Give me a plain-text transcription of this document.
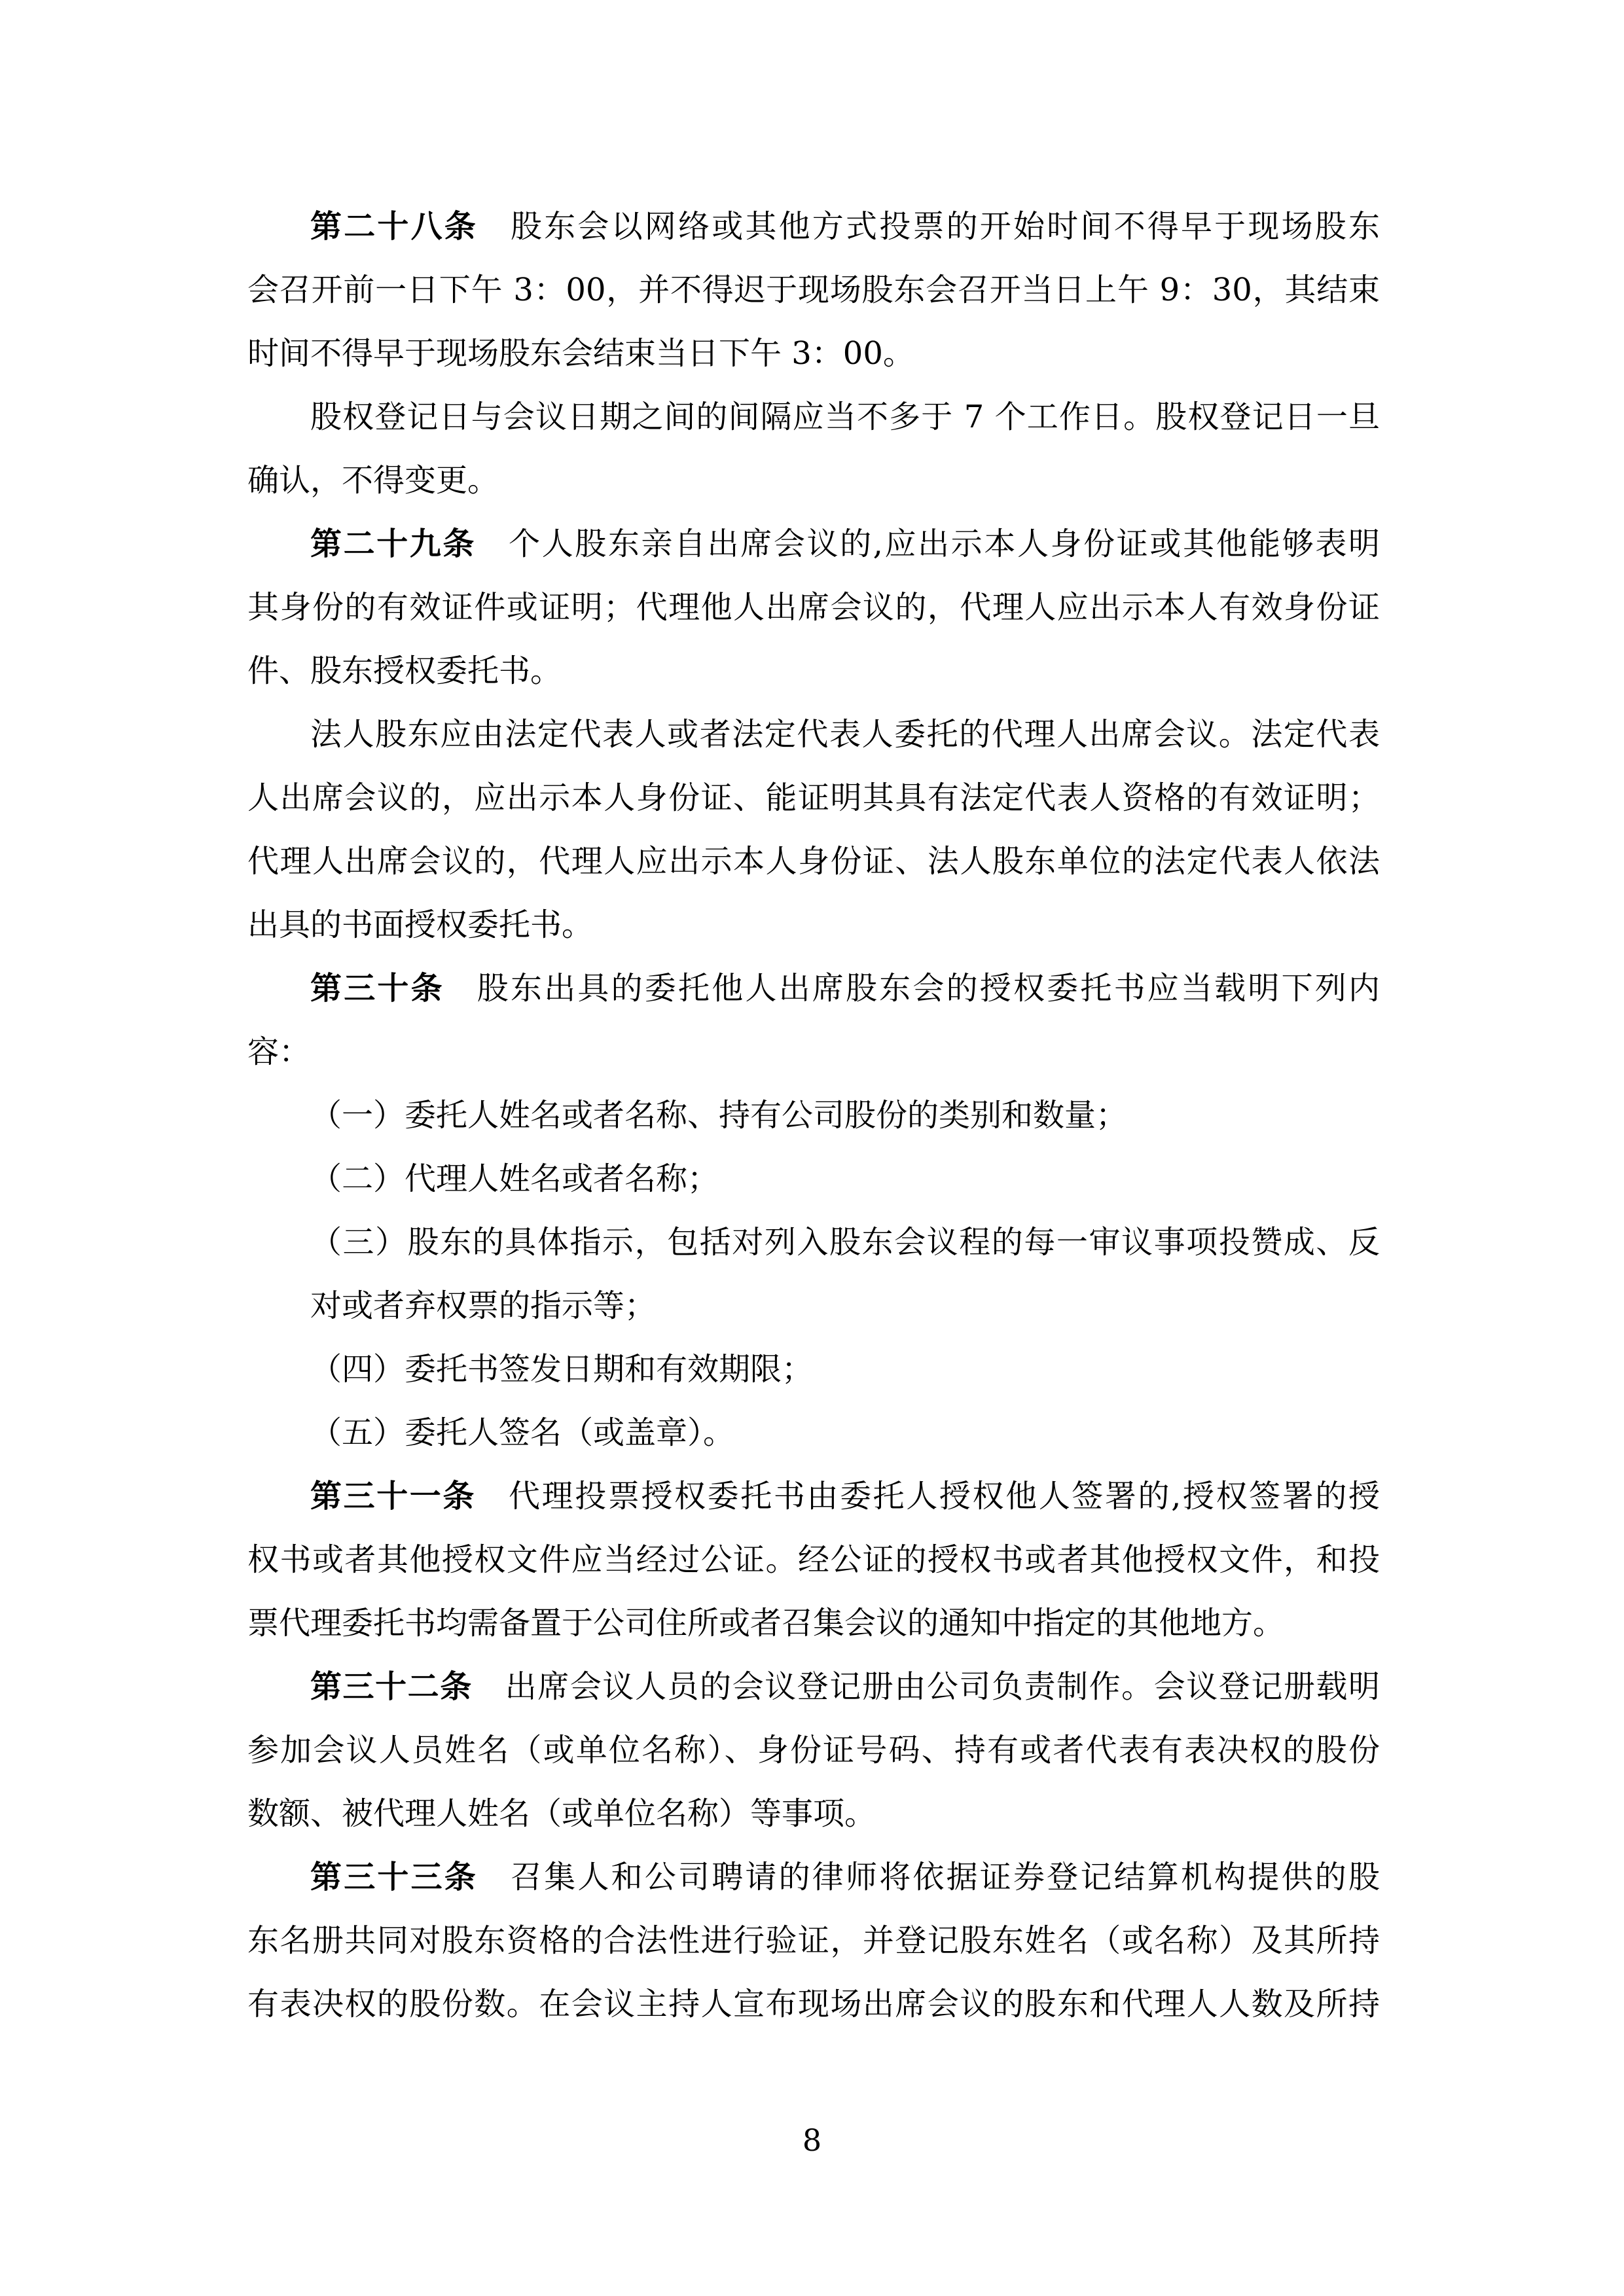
第二十八条 股东会以网络或其他方式投票的开始时间不得早于现场股东
会召开前一日下午 3：00，并不得迟于现场股东会召开当日上午 9：30，其结束
时间不得早于现场股东会结束当日下午 3：00。
股权登记日与会议日期之间的间隔应当不多于 7 个工作日。股权登记日一旦
确认，不得变更。
第二十九条 个人股东亲自出席会议的,应出示本人身份证或其他能够表明
其身份的有效证件或证明；代理他人出席会议的，代理人应出示本人有效身份证
件、股东授权委托书。
法人股东应由法定代表人或者法定代表人委托的代理人出席会议。法定代表
人出席会议的，应出示本人身份证、能证明其具有法定代表人资格的有效证明；
代理人出席会议的，代理人应出示本人身份证、法人股东单位的法定代表人依法
出具的书面授权委托书。
第三十条 股东出具的委托他人出席股东会的授权委托书应当载明下列内
容：
（一）委托人姓名或者名称、持有公司股份的类别和数量；
（二）代理人姓名或者名称；
（三）股东的具体指示，包括对列入股东会议程的每一审议事项投赞成、反
对或者弃权票的指示等；
（四）委托书签发日期和有效期限；
（五）委托人签名（或盖章）。
第三十一条 代理投票授权委托书由委托人授权他人签署的,授权签署的授
权书或者其他授权文件应当经过公证。经公证的授权书或者其他授权文件，和投
票代理委托书均需备置于公司住所或者召集会议的通知中指定的其他地方。
第三十二条 出席会议人员的会议登记册由公司负责制作。会议登记册载明
参加会议人员姓名（或单位名称）、身份证号码、持有或者代表有表决权的股份
数额、被代理人姓名（或单位名称）等事项。
第三十三条 召集人和公司聘请的律师将依据证券登记结算机构提供的股
东名册共同对股东资格的合法性进行验证，并登记股东姓名（或名称）及其所持
有表决权的股份数。在会议主持人宣布现场出席会议的股东和代理人人数及所持
8
